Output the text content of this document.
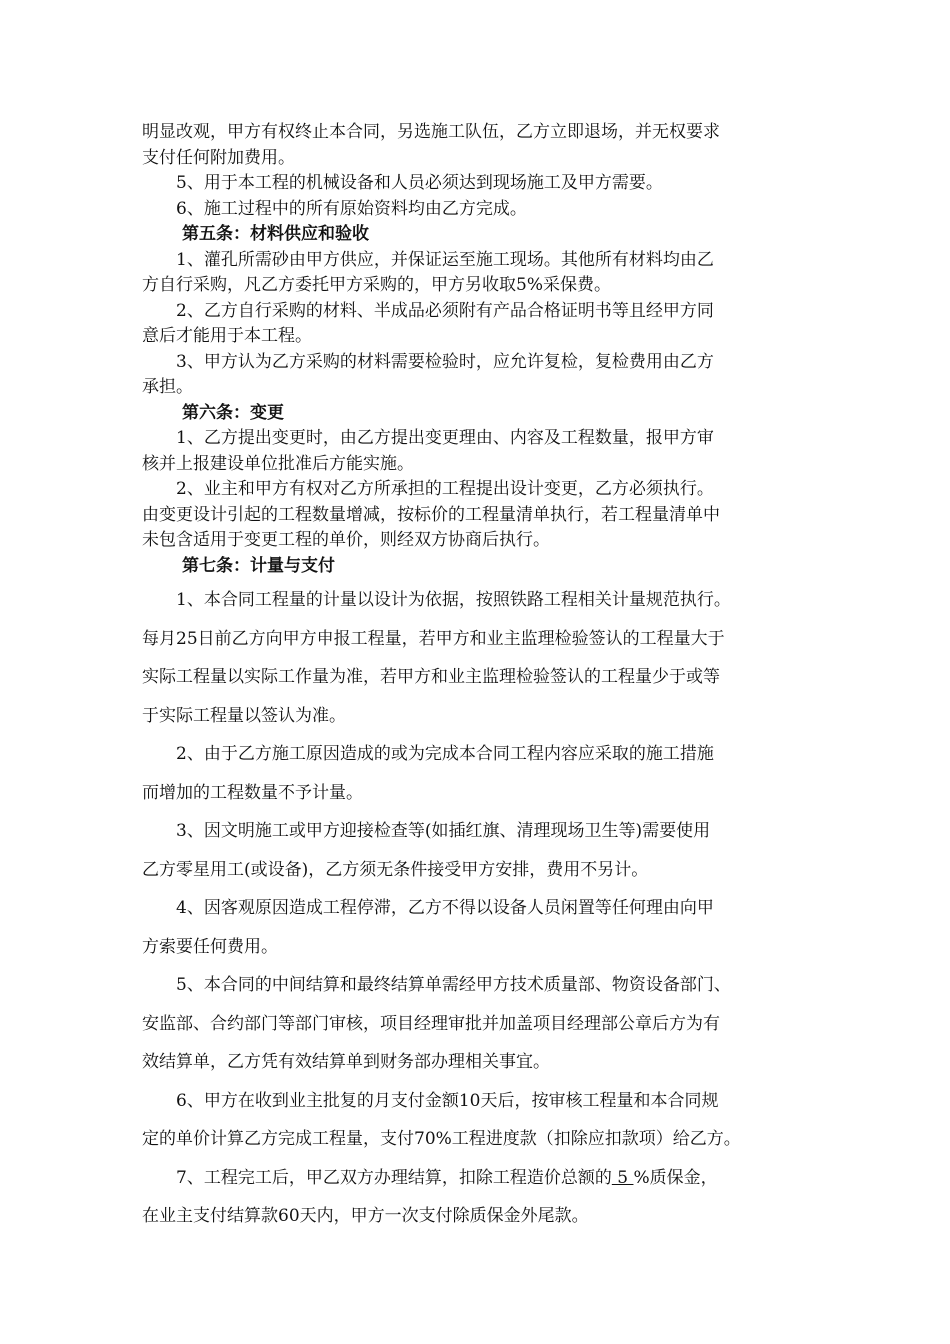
明显改观，甲方有权终止本合同，另选施工队伍，乙方立即退场，并无权要求

支付任何附加费用。

5、用于本工程的机械设备和人员必须达到现场施工及甲方需要。

6、施工过程中的所有原始资料均由乙方完成。

第五条：材料供应和验收

1、灌孔所需砂由甲方供应，并保证运至施工现场。其他所有材料均由乙

方自行采购，凡乙方委托甲方采购的，甲方另收取5%采保费。

2、乙方自行采购的材料、半成品必须附有产品合格证明书等且经甲方同

意后才能用于本工程。

3、甲方认为乙方采购的材料需要检验时，应允许复检，复检费用由乙方

承担。

第六条：变更

1、乙方提出变更时，由乙方提出变更理由、内容及工程数量，报甲方审

核并上报建设单位批准后方能实施。

2、业主和甲方有权对乙方所承担的工程提出设计变更，乙方必须执行。

由变更设计引起的工程数量增减，按标价的工程量清单执行，若工程量清单中

未包含适用于变更工程的单价，则经双方协商后执行。

第七条：计量与支付

1、本合同工程量的计量以设计为依据，按照铁路工程相关计量规范执行。

每月25日前乙方向甲方申报工程量，若甲方和业主监理检验签认的工程量大于

实际工程量以实际工作量为准，若甲方和业主监理检验签认的工程量少于或等

于实际工程量以签认为准。

2、由于乙方施工原因造成的或为完成本合同工程内容应采取的施工措施

而增加的工程数量不予计量。

3、因文明施工或甲方迎接检查等(如插红旗、清理现场卫生等)需要使用

乙方零星用工(或设备)，乙方须无条件接受甲方安排，费用不另计。

4、因客观原因造成工程停滞，乙方不得以设备人员闲置等任何理由向甲

方索要任何费用。

5、本合同的中间结算和最终结算单需经甲方技术质量部、物资设备部门、

安监部、合约部门等部门审核，项目经理审批并加盖项目经理部公章后方为有

效结算单，乙方凭有效结算单到财务部办理相关事宜。

6、甲方在收到业主批复的月支付金额10天后，按审核工程量和本合同规

定的单价计算乙方完成工程量，支付70%工程进度款（扣除应扣款项）给乙方。

7、工程完工后，甲乙双方办理结算，扣除工程造价总额的 5 %质保金，

在业主支付结算款60天内，甲方一次支付除质保金外尾款。
